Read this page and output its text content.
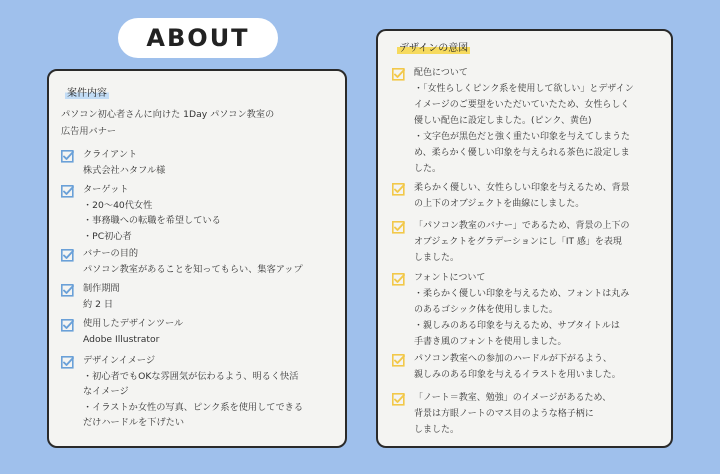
ABOUT
案件内容
パソコン初心者さんに向けた 1Day パソコン教室の
広告用バナー
クライアント
株式会社ハタフル様
ターゲット
・20〜40代女性
・事務職への転職を希望している
・PC初心者
バナーの目的
パソコン教室があることを知ってもらい、集客アップ
制作期間
約 2 日
使用したデザインツール
Adobe Illustrator
デザインイメージ
・初心者でもOKな雰囲気が伝わるよう、明るく快活
なイメージ
・イラストか女性の写真、ピンク系を使用してできる
だけハードルを下げたい
デザインの意図
配色について
・「女性らしくピンク系を使用して欲しい」とデザイン
イメージのご要望をいただいていたため、女性らしく
優しい配色に設定しました。(ピンク、黄色)
・文字色が黒色だと強く重たい印象を与えてしまうた
め、柔らかく優しい印象を与えられる茶色に設定しま
した。
柔らかく優しい、女性らしい印象を与えるため、背景
の上下のオブジェクトを曲線にしました。
「パソコン教室のバナー」であるため、背景の上下の
オブジェクトをグラデーションにし「IT 感」を表現
しました。
フォントについて
・柔らかく優しい印象を与えるため、フォントは丸み
のあるゴシック体を使用しました。
・親しみのある印象を与えるため、サブタイトルは
手書き風のフォントを使用しました。
パソコン教室への参加のハードルが下がるよう、
親しみのある印象を与えるイラストを用いました。
「ノート＝教室、勉強」のイメージがあるため、
背景は方眼ノートのマス目のような格子柄に
しました。
